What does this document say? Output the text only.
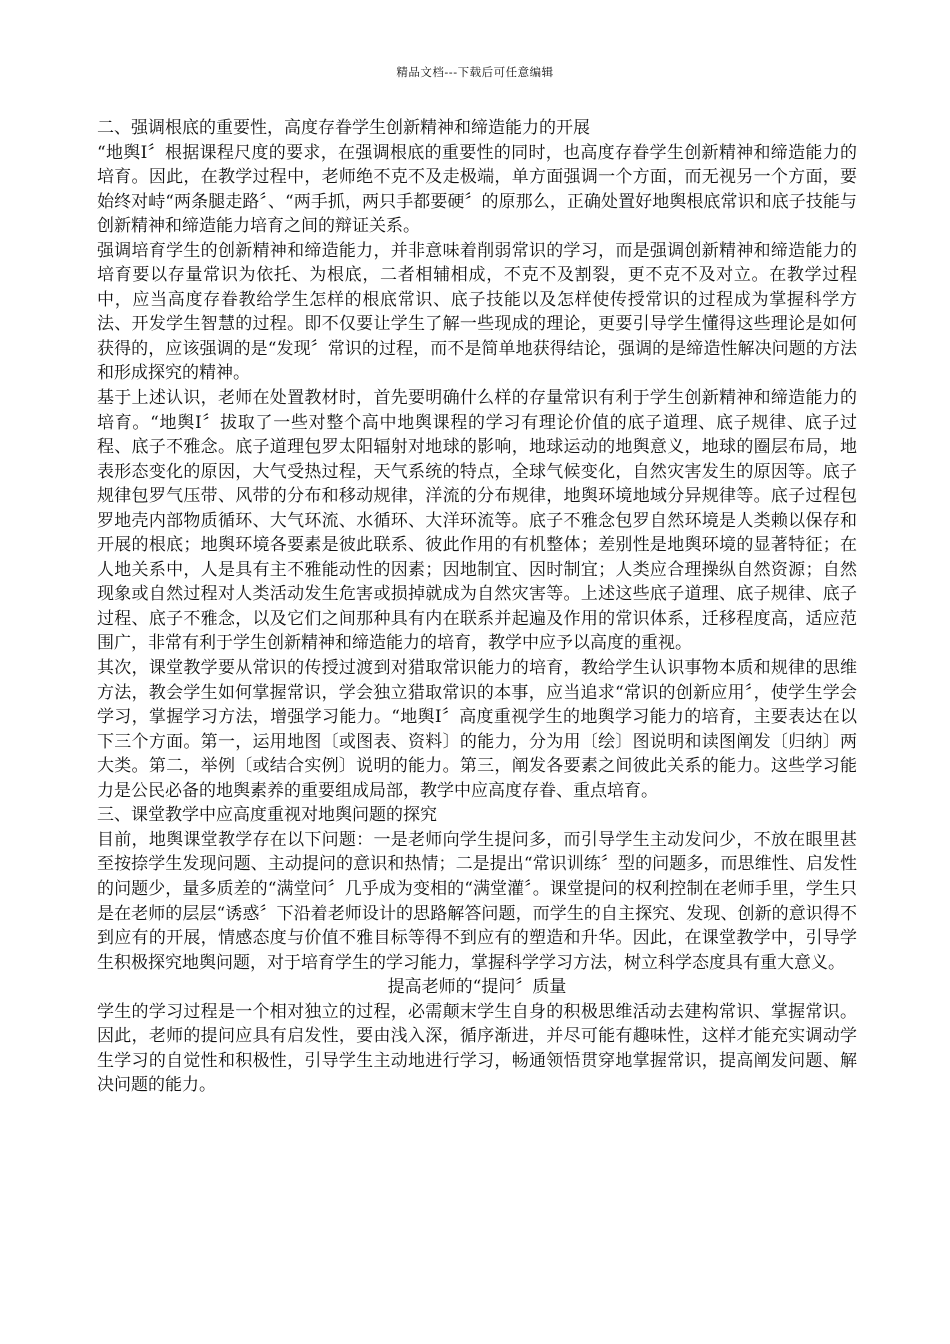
精品文档---下载后可任意编辑

二、强调根底的重要性，高度存眷学生创新精神和缔造能力的开展

“地舆Ⅰ〞根据课程尺度的要求，在强调根底的重要性的同时，也高度存眷学生创新精神和缔造能力的培育。因此，在教学过程中，老师绝不克不及走极端，单方面强调一个方面，而无视另一个方面，要始终对峙“两条腿走路〞、“两手抓，两只手都要硬〞的原那么，正确处置好地舆根底常识和底子技能与创新精神和缔造能力培育之间的辩证关系。

强调培育学生的创新精神和缔造能力，并非意味着削弱常识的学习，而是强调创新精神和缔造能力的培育要以存量常识为依托、为根底，二者相辅相成，不克不及割裂，更不克不及对立。在教学过程中，应当高度存眷教给学生怎样的根底常识、底子技能以及怎样使传授常识的过程成为掌握科学方法、开发学生智慧的过程。即不仅要让学生了解一些现成的理论，更要引导学生懂得这些理论是如何获得的，应该强调的是“发现〞常识的过程，而不是简单地获得结论，强调的是缔造性解决问题的方法和形成探究的精神。

基于上述认识，老师在处置教材时，首先要明确什么样的存量常识有利于学生创新精神和缔造能力的培育。“地舆Ⅰ〞拔取了一些对整个高中地舆课程的学习有理论价值的底子道理、底子规律、底子过程、底子不雅念。底子道理包罗太阳辐射对地球的影响，地球运动的地舆意义，地球的圈层布局，地表形态变化的原因，大气受热过程，天气系统的特点，全球气候变化，自然灾害发生的原因等。底子规律包罗气压带、风带的分布和移动规律，洋流的分布规律，地舆环境地域分异规律等。底子过程包罗地壳内部物质循环、大气环流、水循环、大洋环流等。底子不雅念包罗自然环境是人类赖以保存和开展的根底；地舆环境各要素是彼此联系、彼此作用的有机整体；差别性是地舆环境的显著特征；在人地关系中，人是具有主不雅能动性的因素；因地制宜、因时制宜；人类应合理操纵自然资源；自然现象或自然过程对人类活动发生危害或损掉就成为自然灾害等。上述这些底子道理、底子规律、底子过程、底子不雅念，以及它们之间那种具有内在联系并起遍及作用的常识体系，迁移程度高，适应范围广，非常有利于学生创新精神和缔造能力的培育，教学中应予以高度的重视。

其次，课堂教学要从常识的传授过渡到对猎取常识能力的培育，教给学生认识事物本质和规律的思维方法，教会学生如何掌握常识，学会独立猎取常识的本事，应当追求“常识的创新应用〞，使学生学会学习，掌握学习方法，增强学习能力。“地舆Ⅰ〞高度重视学生的地舆学习能力的培育，主要表达在以下三个方面。第一，运用地图〔或图表、资料〕的能力，分为用〔绘〕图说明和读图阐发〔归纳〕两大类。第二，举例〔或结合实例〕说明的能力。第三，阐发各要素之间彼此关系的能力。这些学习能力是公民必备的地舆素养的重要组成局部，教学中应高度存眷、重点培育。

三、课堂教学中应高度重视对地舆问题的探究

目前，地舆课堂教学存在以下问题：一是老师向学生提问多，而引导学生主动发问少，不放在眼里甚至按捺学生发现问题、主动提问的意识和热情；二是提出“常识训练〞型的问题多，而思维性、启发性的问题少，量多质差的“满堂问〞几乎成为变相的“满堂灌〞。课堂提问的权利控制在老师手里，学生只是在老师的层层“诱惑〞下沿着老师设计的思路解答问题，而学生的自主探究、发现、创新的意识得不到应有的开展，情感态度与价值不雅目标等得不到应有的塑造和升华。因此，在课堂教学中，引导学生积极探究地舆问题，对于培育学生的学习能力，掌握科学学习方法，树立科学态度具有重大意义。

提高老师的“提问〞质量

学生的学习过程是一个相对独立的过程，必需颠末学生自身的积极思维活动去建构常识、掌握常识。因此，老师的提问应具有启发性，要由浅入深，循序渐进，并尽可能有趣味性，这样才能充实调动学生学习的自觉性和积极性，引导学生主动地进行学习，畅通领悟贯穿地掌握常识，提高阐发问题、解决问题的能力。
